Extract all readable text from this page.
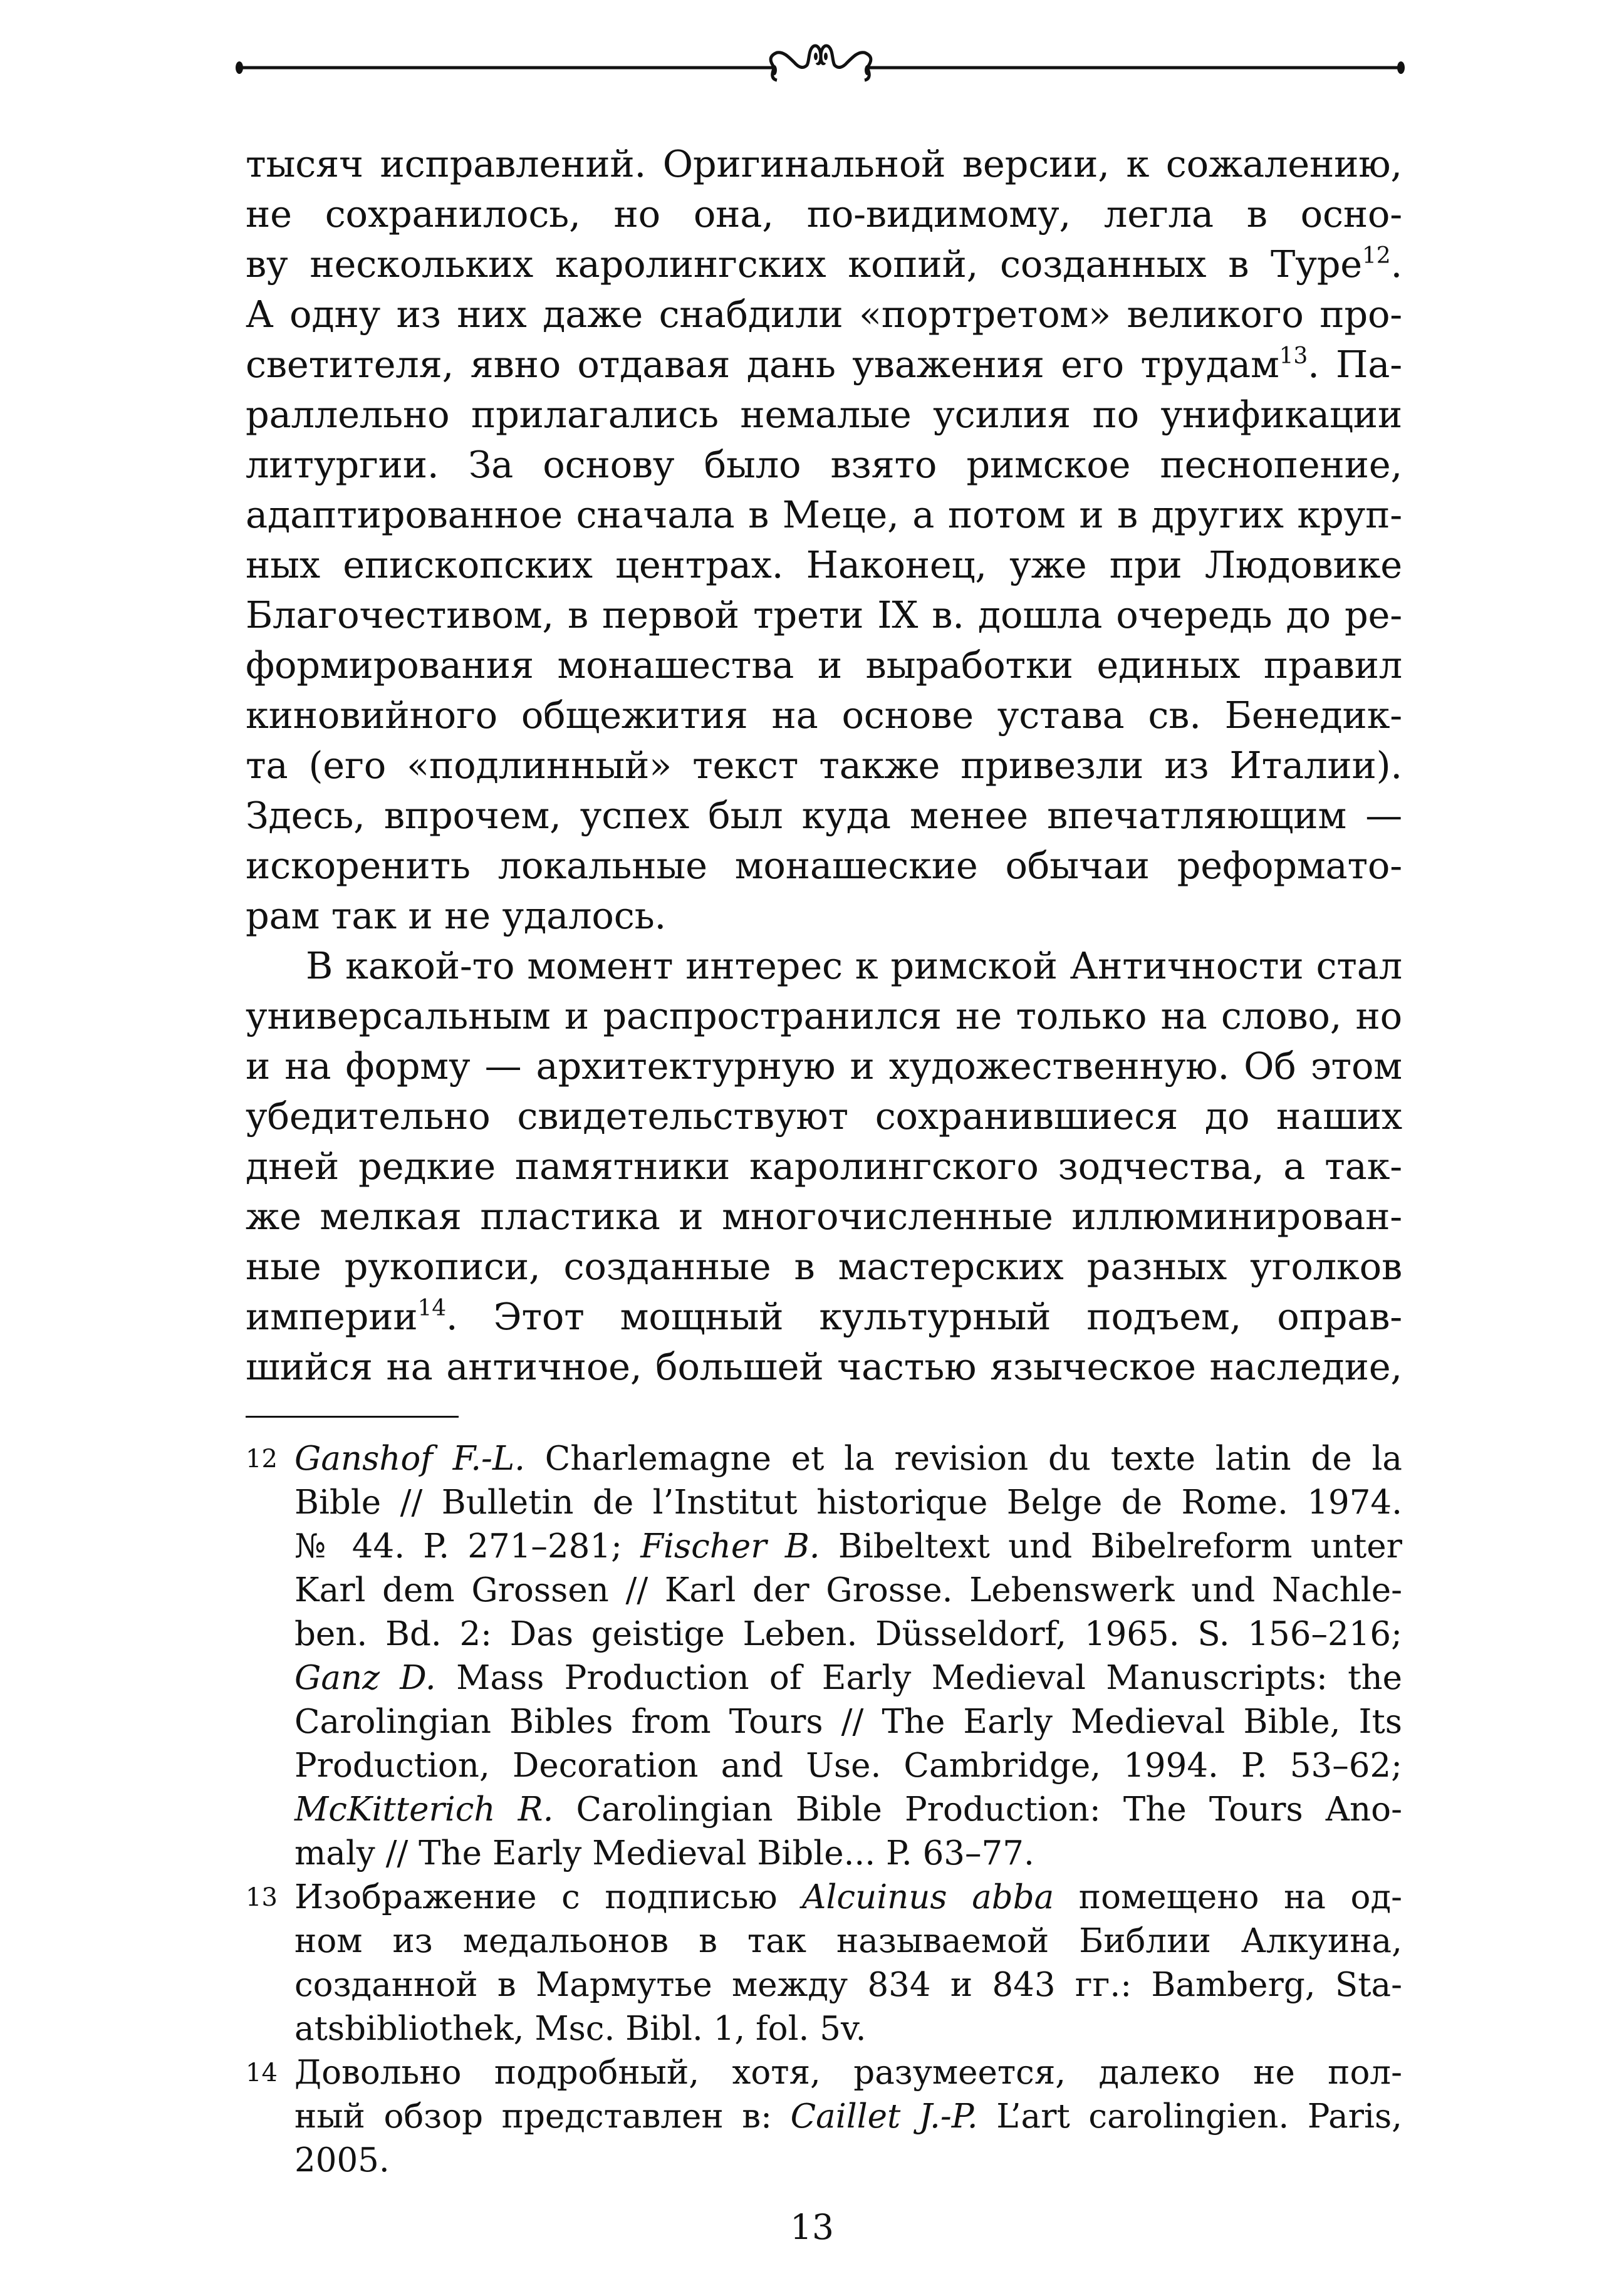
тысяч исправлений. Оригинальной версии, к сожалению,
не сохранилось, но она, по-видимому, легла в осно-
ву нескольких каролингских копий, созданных в Туре$^{12}$.
А одну из них даже снабдили «портретом» великого про-
светителя, явно отдавая дань уважения его трудам$^{13}$. Па-
раллельно прилагались немалые усилия по унификации
литургии. За основу было взято римское песнопение,
адаптированное сначала в Меце, а потом и в других круп-
ных епископских центрах. Наконец, уже при Людовике
Благочестивом, в первой трети IX в. дошла очередь до ре-
формирования монашества и выработки единых правил
киновийного общежития на основе устава св. Бенедик-
та (его «подлинный» текст также привезли из Италии).
Здесь, впрочем, успех был куда менее впечатляющим —
искоренить локальные монашеские обычаи реформато-
рам так и не удалось.
В какой-то момент интерес к римской Античности стал
универсальным и распространился не только на слово, но
и на форму — архитектурную и художественную. Об этом
убедительно свидетельствуют сохранившиеся до наших
дней редкие памятники каролингского зодчества, а так-
же мелкая пластика и многочисленные иллюминирован-
ные рукописи, созданные в мастерских разных уголков
империи$^{14}$. Этот мощный культурный подъем, оправ-
шийся на античное, большей частью языческое наследие,
12 Ganshof F.-L. Charlemagne et la revision du texte latin de la
Bible // Bulletin de l’Institut historique Belge de Rome. 1974.
№ 44. P. 271–281; Fischer B. Bibeltext und Bibelreform unter
Karl dem Grossen // Karl der Grosse. Lebenswerk und Nachle-
ben. Bd. 2: Das geistige Leben. Düsseldorf, 1965. S. 156–216;
Ganz D. Mass Production of Early Medieval Manuscripts: the
Carolingian Bibles from Tours // The Early Medieval Bible, Its
Production, Decoration and Use. Cambridge, 1994. P. 53–62;
McKitterich R. Carolingian Bible Production: The Tours Ano-
maly // The Early Medieval Bible... P. 63–77.
13 Изображение с подписью Alcuinus abba помещено на од-
ном из медальонов в так называемой Библии Алкуина,
созданной в Мармутье между 834 и 843 гг.: Bamberg, Sta-
atsbibliothek, Msc. Bibl. 1, fol. 5v.
14 Довольно подробный, хотя, разумеется, далеко не пол-
ный обзор представлен в: Caillet J.-P. L’art carolingien. Paris,
2005.
13
